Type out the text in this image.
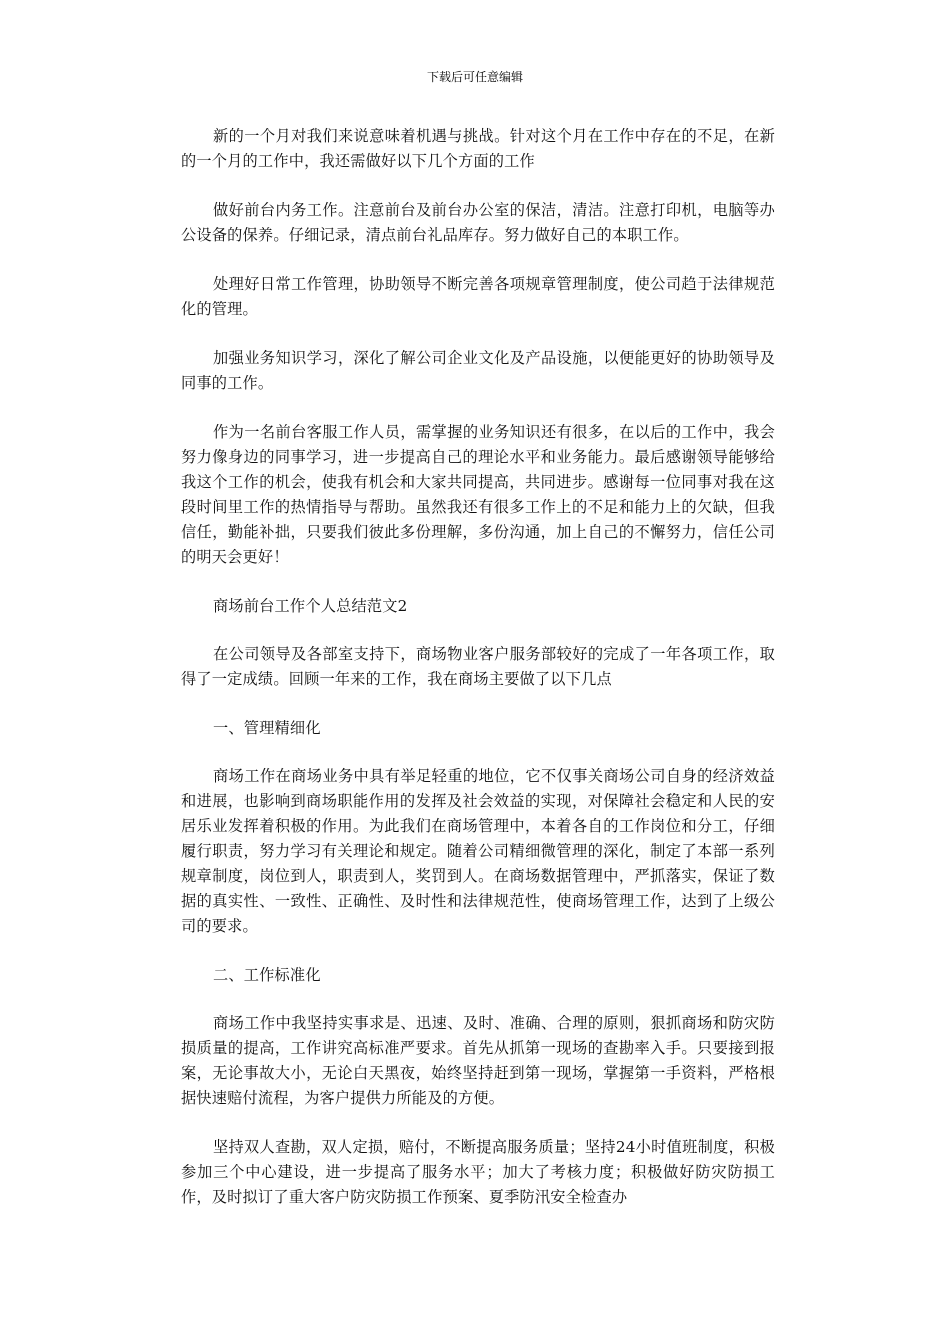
下载后可任意编辑

新的一个月对我们来说意味着机遇与挑战。针对这个月在工作中存在的不足，在新的一个月的工作中，我还需做好以下几个方面的工作

做好前台内务工作。注意前台及前台办公室的保洁，清洁。注意打印机，电脑等办公设备的保养。仔细记录，清点前台礼品库存。努力做好自己的本职工作。

处理好日常工作管理，协助领导不断完善各项规章管理制度，使公司趋于法律规范化的管理。

加强业务知识学习，深化了解公司企业文化及产品设施，以便能更好的协助领导及同事的工作。

作为一名前台客服工作人员，需掌握的业务知识还有很多，在以后的工作中，我会努力像身边的同事学习，进一步提高自己的理论水平和业务能力。最后感谢领导能够给我这个工作的机会，使我有机会和大家共同提高，共同进步。感谢每一位同事对我在这段时间里工作的热情指导与帮助。虽然我还有很多工作上的不足和能力上的欠缺，但我信任，勤能补拙，只要我们彼此多份理解，多份沟通，加上自己的不懈努力，信任公司的明天会更好！

商场前台工作个人总结范文2

在公司领导及各部室支持下，商场物业客户服务部较好的完成了一年各项工作，取得了一定成绩。回顾一年来的工作，我在商场主要做了以下几点

一、管理精细化

商场工作在商场业务中具有举足轻重的地位，它不仅事关商场公司自身的经济效益和进展，也影响到商场职能作用的发挥及社会效益的实现，对保障社会稳定和人民的安居乐业发挥着积极的作用。为此我们在商场管理中，本着各自的工作岗位和分工，仔细履行职责，努力学习有关理论和规定。随着公司精细微管理的深化，制定了本部一系列规章制度，岗位到人，职责到人，奖罚到人。在商场数据管理中，严抓落实，保证了数据的真实性、一致性、正确性、及时性和法律规范性，使商场管理工作，达到了上级公司的要求。

二、工作标准化

商场工作中我坚持实事求是、迅速、及时、准确、合理的原则，狠抓商场和防灾防损质量的提高，工作讲究高标准严要求。首先从抓第一现场的查勘率入手。只要接到报案，无论事故大小，无论白天黑夜，始终坚持赶到第一现场，掌握第一手资料，严格根据快速赔付流程，为客户提供力所能及的方便。

坚持双人查勘，双人定损，赔付，不断提高服务质量；坚持24小时值班制度，积极参加三个中心建设，进一步提高了服务水平；加大了考核力度；积极做好防灾防损工作，及时拟订了重大客户防灾防损工作预案、夏季防汛安全检查办
